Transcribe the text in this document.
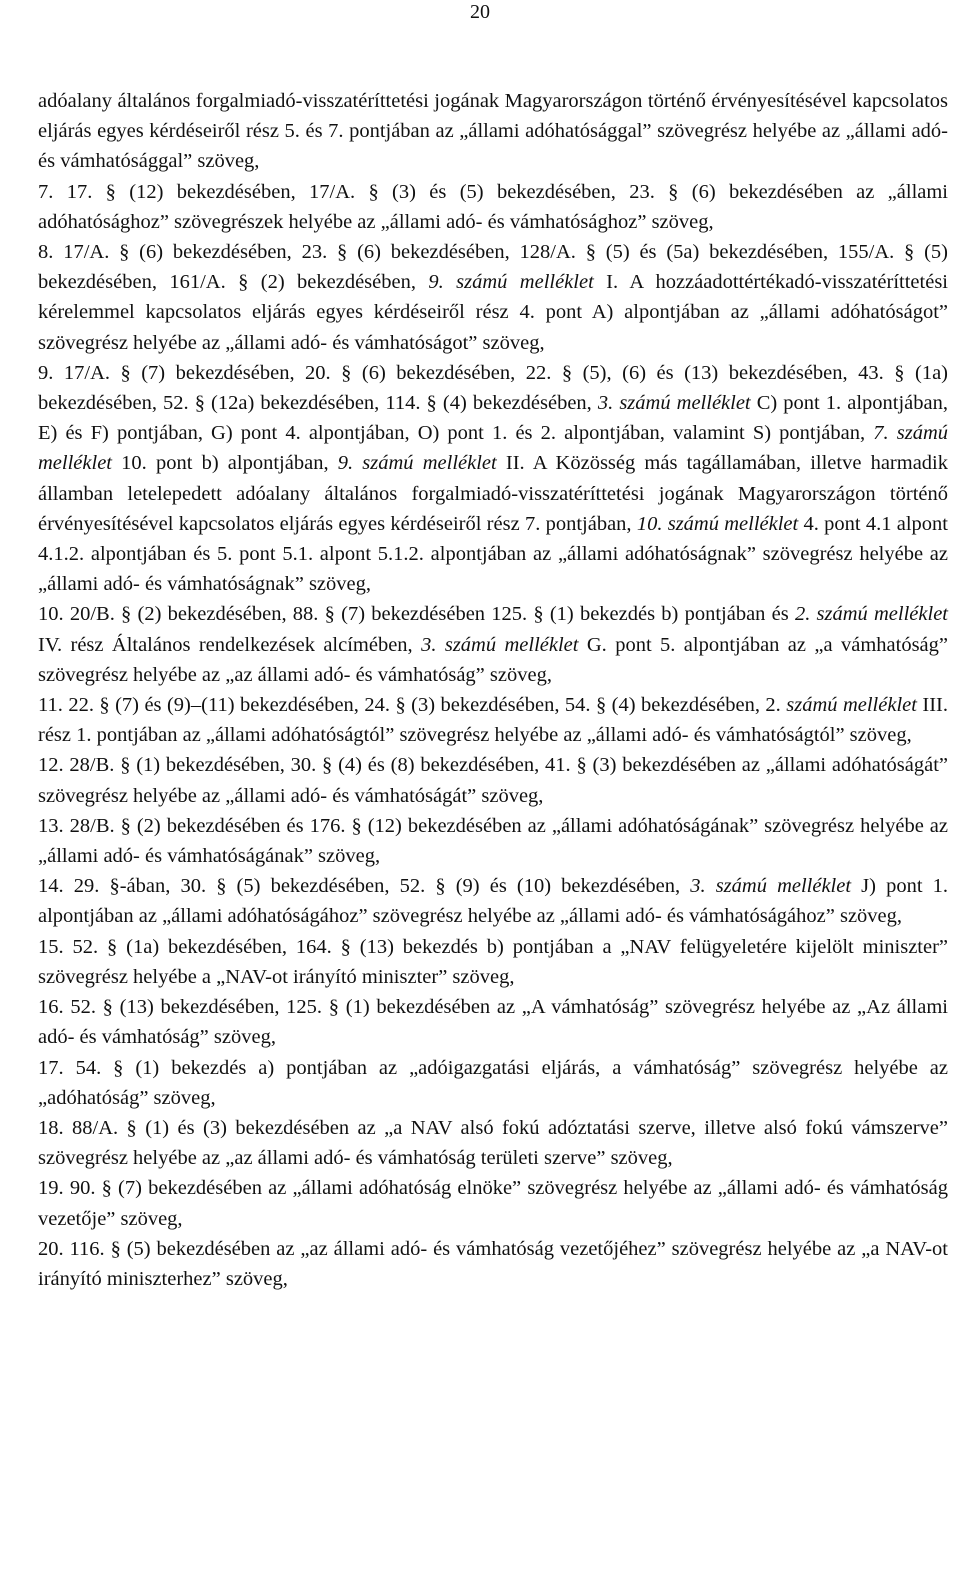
20

adóalany általános forgalmiadó-visszatéríttetési jogának Magyarországon történő érvényesítésével kapcsolatos eljárás egyes kérdéseiről rész 5. és 7. pontjában az „állami adóhatósággal” szövegrész helyébe az „állami adó- és vámhatósággal” szöveg,

7. 17. § (12) bekezdésében, 17/A. § (3) és (5) bekezdésében, 23. § (6) bekezdésében az „állami adóhatósághoz” szövegrészek helyébe az „állami adó- és vámhatósághoz” szöveg,

8. 17/A. § (6) bekezdésében, 23. § (6) bekezdésében, 128/A. § (5) és (5a) bekezdésében, 155/A. § (5) bekezdésében, 161/A. § (2) bekezdésében, 9. számú melléklet I. A hozzáadottértékadó-visszatéríttetési kérelemmel kapcsolatos eljárás egyes kérdéseiről rész 4. pont A) alpontjában az „állami adóhatóságot” szövegrész helyébe az „állami adó- és vámhatóságot” szöveg,

9. 17/A. § (7) bekezdésében, 20. § (6) bekezdésében, 22. § (5), (6) és (13) bekezdésében, 43. § (1a) bekezdésében, 52. § (12a) bekezdésében, 114. § (4) bekezdésében, 3. számú melléklet C) pont 1. alpontjában, E) és F) pontjában, G) pont 4. alpontjában, O) pont 1. és 2. alpontjában, valamint S) pontjában, 7. számú melléklet 10. pont b) alpontjában, 9. számú melléklet II. A Közösség más tagállamában, illetve harmadik államban letelepedett adóalany általános forgalmiadó-visszatéríttetési jogának Magyarországon történő érvényesítésével kapcsolatos eljárás egyes kérdéseiről rész 7. pontjában, 10. számú melléklet 4. pont 4.1 alpont 4.1.2. alpontjában és 5. pont 5.1. alpont 5.1.2. alpontjában az „állami adóhatóságnak” szövegrész helyébe az „állami adó- és vámhatóságnak” szöveg,

10. 20/B. § (2) bekezdésében, 88. § (7) bekezdésében 125. § (1) bekezdés b) pontjában és 2. számú melléklet IV. rész Általános rendelkezések alcímében, 3. számú melléklet G. pont 5. alpontjában az „a vámhatóság” szövegrész helyébe az „az állami adó- és vámhatóság” szöveg,

11. 22. § (7) és (9)–(11) bekezdésében, 24. § (3) bekezdésében, 54. § (4) bekezdésében, 2. számú melléklet III. rész 1. pontjában az „állami adóhatóságtól” szövegrész helyébe az „állami adó- és vámhatóságtól” szöveg,

12. 28/B. § (1) bekezdésében, 30. § (4) és (8) bekezdésében, 41. § (3) bekezdésében az „állami adóhatóságát” szövegrész helyébe az „állami adó- és vámhatóságát” szöveg,

13. 28/B. § (2) bekezdésében és 176. § (12) bekezdésében az „állami adóhatóságának” szövegrész helyébe az „állami adó- és vámhatóságának” szöveg,

14. 29. §-ában, 30. § (5) bekezdésében, 52. § (9) és (10) bekezdésében, 3. számú melléklet J) pont 1. alpontjában az „állami adóhatóságához” szövegrész helyébe az „állami adó- és vámhatóságához” szöveg,

15. 52. § (1a) bekezdésében, 164. § (13) bekezdés b) pontjában a „NAV felügyeletére kijelölt miniszter” szövegrész helyébe a „NAV-ot irányító miniszter” szöveg,

16. 52. § (13) bekezdésében, 125. § (1) bekezdésében az „A vámhatóság” szövegrész helyébe az „Az állami adó- és vámhatóság” szöveg,

17. 54. § (1) bekezdés a) pontjában az „adóigazgatási eljárás, a vámhatóság” szövegrész helyébe az „adóhatóság” szöveg,

18. 88/A. § (1) és (3) bekezdésében az „a NAV alsó fokú adóztatási szerve, illetve alsó fokú vámszerve” szövegrész helyébe az „az állami adó- és vámhatóság területi szerve” szöveg,

19. 90. § (7) bekezdésében az „állami adóhatóság elnöke” szövegrész helyébe az „állami adó- és vámhatóság vezetője” szöveg,

20. 116. § (5) bekezdésében az „az állami adó- és vámhatóság vezetőjéhez” szövegrész helyébe az „a NAV-ot irányító miniszterhez” szöveg,
